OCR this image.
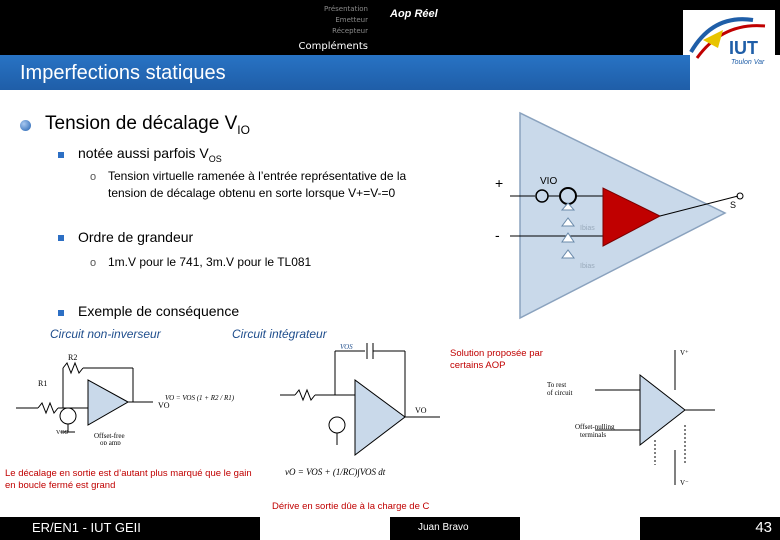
Présentation
Emetteur
Récepteur
Compléments
Aop Réel
IUT
Toulon Var
Imperfections statiques
Tension de décalage $V_{IO}$
notée aussi parfois $V_{OS}$
o Tension virtuelle ramenée à l’entrée représentative de la
tension de décalage obtenu en sorte lorsque V+=V-=0
Ordre de grandeur
o 1m.V pour le 741, 3m.V pour le TL081
Exemple de conséquence
+
-
VIO
S
AOP
idéal
Ibias
Ibias
Circuit non-inverseur	Circuit intégrateur
Solution proposée par certains AOP
R1
R2
VOS
VO
VO = VOS (1 + R2 / R1)
Offset-free
op amp
VOS
VO
vO = VOS + (1/RC)∫VOS dt
To rest
of circuit
Offset-nulling
terminals
V⁺
V⁻
Le décalage en sortie est d’autant plus marqué que le gain en boucle fermé est grand
Dérive en sortie dûe à la charge de C
ER/EN1 - IUT GEII	Juan Bravo	43
